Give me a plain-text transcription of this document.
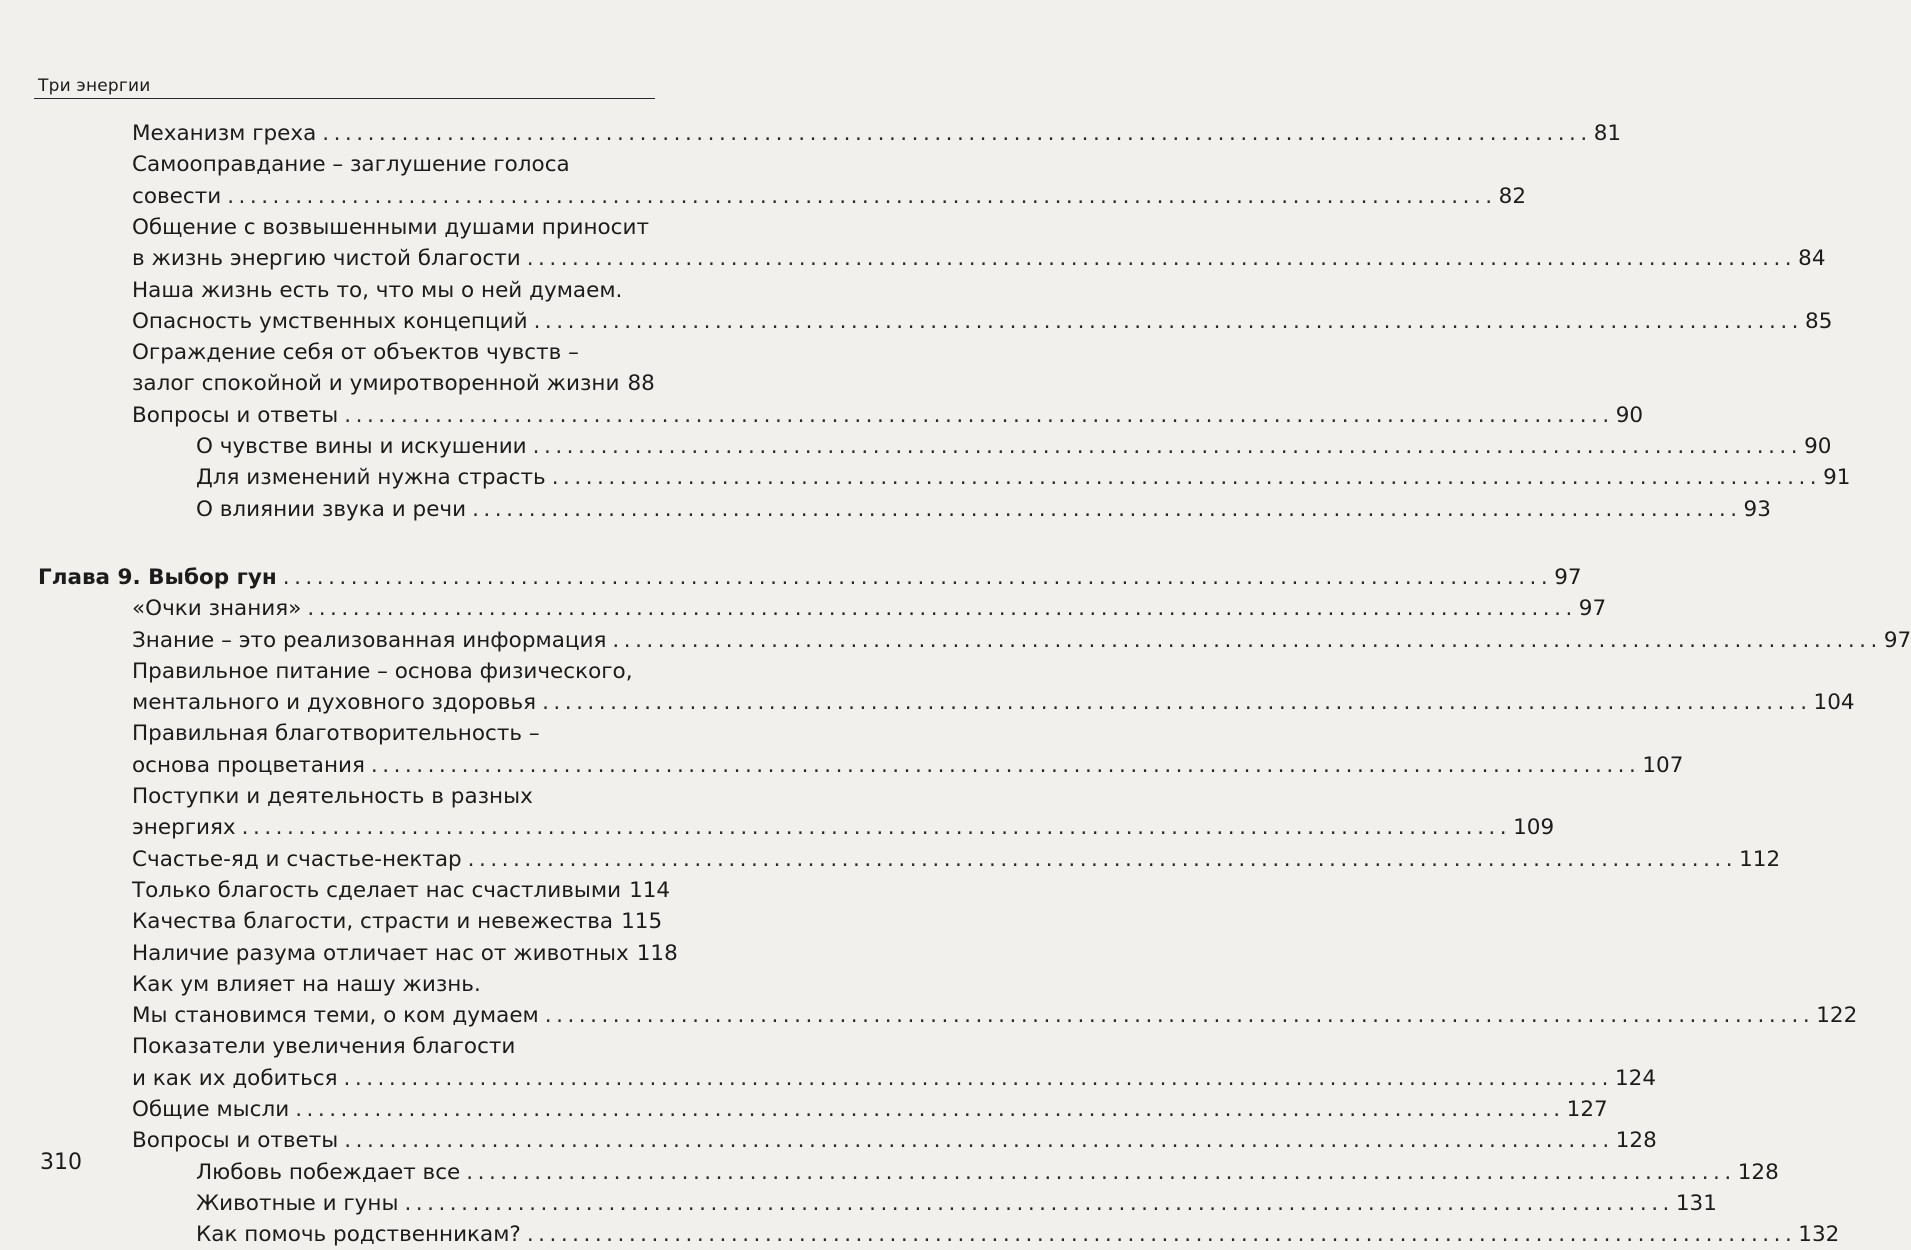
Три энергии
Механизм греха ................................................................................................................ 81
Самооправдание – заглушение голоса
совести ................................................................................................................ 82
Общение с возвышенными душами приносит
в жизнь энергию чистой благости ................................................................................................................ 84
Наша жизнь есть то, что мы о ней думаем.
Опасность умственных концепций ................................................................................................................ 85
Ограждение себя от объектов чувств –
залог спокойной и умиротворенной жизни 88
Вопросы и ответы ................................................................................................................ 90
О чувстве вины и искушении ................................................................................................................ 90
Для изменений нужна страсть ................................................................................................................ 91
О влиянии звука и речи ................................................................................................................ 93
Глава 9. Выбор гун ................................................................................................................ 97
«Очки знания» ................................................................................................................ 97
Знание – это реализованная информация ................................................................................................................ 97
Правильное питание – основа физического,
ментального и духовного здоровья ................................................................................................................ 104
Правильная благотворительность –
основа процветания ................................................................................................................ 107
Поступки и деятельность в разных
энергиях ................................................................................................................ 109
Счастье-яд и счастье-нектар ................................................................................................................ 112
Только благость сделает нас счастливыми 114
Качества благости, страсти и невежества 115
Наличие разума отличает нас от животных 118
Как ум влияет на нашу жизнь.
Мы становимся теми, о ком думаем ................................................................................................................ 122
Показатели увеличения благости
и как их добиться ................................................................................................................ 124
Общие мысли ................................................................................................................ 127
Вопросы и ответы ................................................................................................................ 128
Любовь побеждает все ................................................................................................................ 128
Животные и гуны ................................................................................................................ 131
Как помочь родственникам? ................................................................................................................ 132
310
